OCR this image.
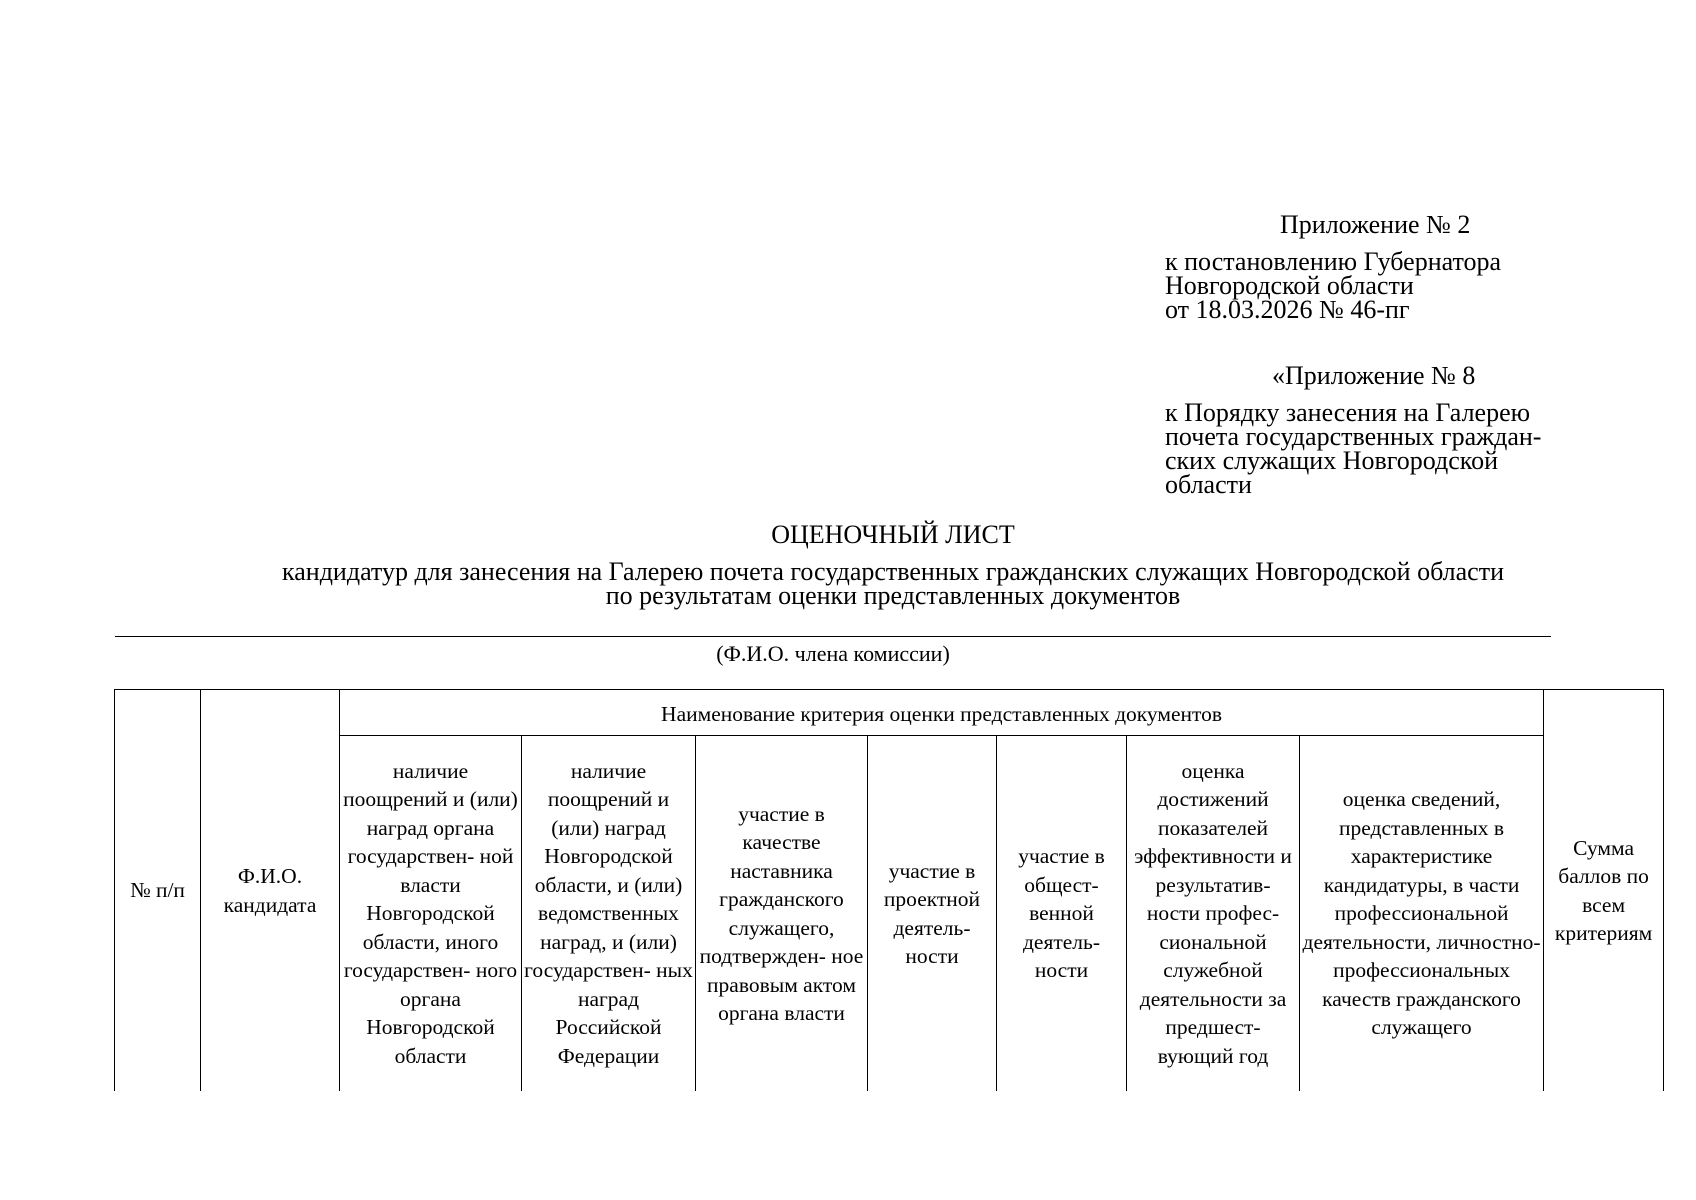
Приложение № 2
к постановлению Губернатора
Новгородской области
от 18.03.2026 № 46-пг
«Приложение № 8
к Порядку занесения на Галерею
почета государственных граждан-
ских служащих Новгородской
области
ОЦЕНОЧНЫЙ ЛИСТ
кандидатур для занесения на Галерею почета государственных гражданских служащих Новгородской области
по результатам оценки представленных документов
(Ф.И.О. члена комиссии)
№ п/п	Ф.И.О. кандидата	Наименование критерия оценки представленных документов							Сумма баллов по всем критериям
		наличие поощрений и (или) наград органа государствен- ной власти Новгородской области, иного государствен- ного органа Новгородской области	наличие поощрений и (или) наград Новгородской области, и (или) ведомственных наград, и (или) государствен- ных наград Российской Федерации	участие в качестве наставника гражданского служащего, подтвержден- ное правовым актом органа власти	участие в проектной деятель- ности	участие в общест- венной деятель- ности	оценка достижений показателей эффективности и результатив- ности профес- сиональной служебной деятельности за предшест- вующий год	оценка сведений, представленных в характеристике кандидатуры, в части профессиональной деятельности, личностно- профессиональных качеств гражданского служащего	
